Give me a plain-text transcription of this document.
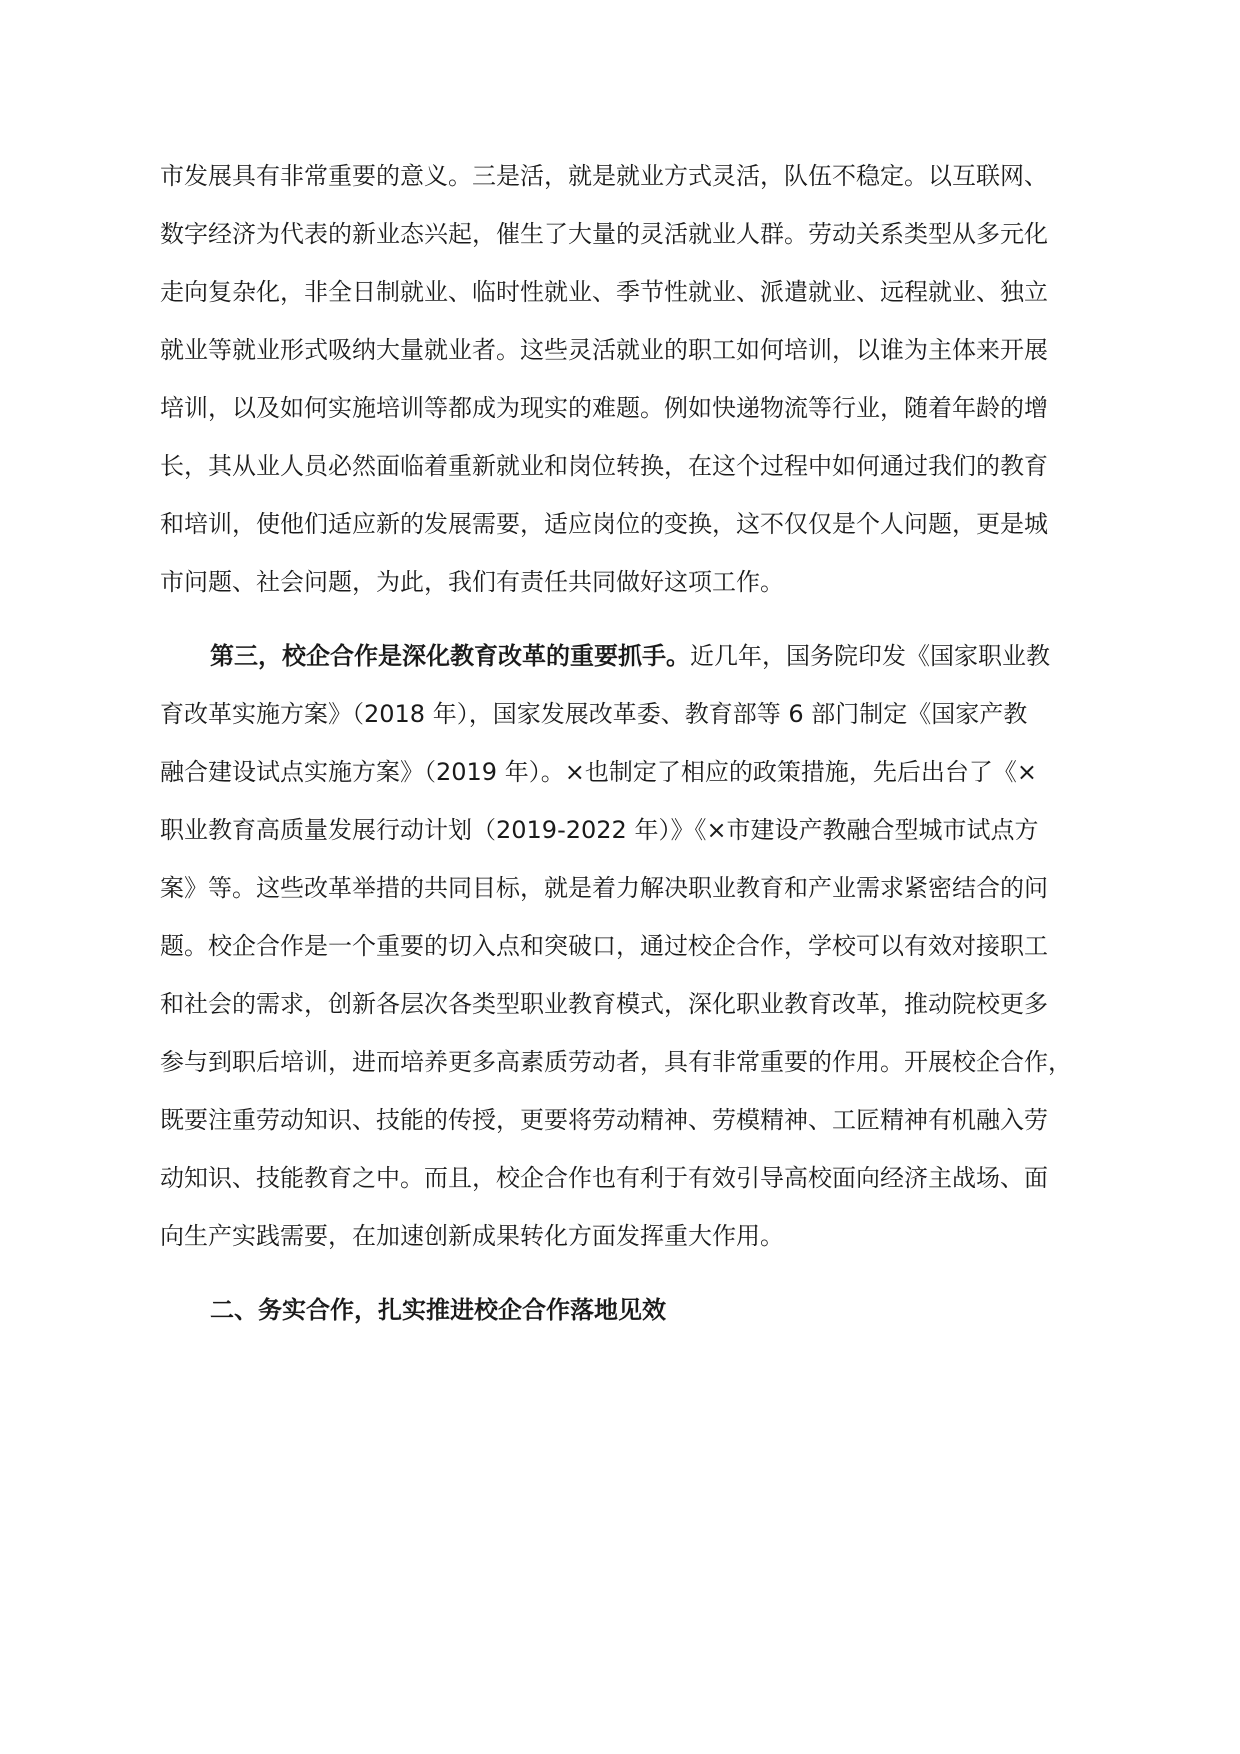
市发展具有非常重要的意义。三是活，就是就业方式灵活，队伍不稳定。以互联网、
数字经济为代表的新业态兴起，催生了大量的灵活就业人群。劳动关系类型从多元化
走向复杂化，非全日制就业、临时性就业、季节性就业、派遣就业、远程就业、独立
就业等就业形式吸纳大量就业者。这些灵活就业的职工如何培训，以谁为主体来开展
培训，以及如何实施培训等都成为现实的难题。例如快递物流等行业，随着年龄的增
长，其从业人员必然面临着重新就业和岗位转换，在这个过程中如何通过我们的教育
和培训，使他们适应新的发展需要，适应岗位的变换，这不仅仅是个人问题，更是城
市问题、社会问题，为此，我们有责任共同做好这项工作。
第三，校企合作是深化教育改革的重要抓手。近几年，国务院印发《国家职业教
育改革实施方案》（2018 年），国家发展改革委、教育部等 6 部门制定《国家产教
融合建设试点实施方案》（2019 年）。×也制定了相应的政策措施，先后出台了《×
职业教育高质量发展行动计划（2019-2022 年）》《×市建设产教融合型城市试点方
案》等。这些改革举措的共同目标，就是着力解决职业教育和产业需求紧密结合的问
题。校企合作是一个重要的切入点和突破口，通过校企合作，学校可以有效对接职工
和社会的需求，创新各层次各类型职业教育模式，深化职业教育改革，推动院校更多
参与到职后培训，进而培养更多高素质劳动者，具有非常重要的作用。开展校企合作，
既要注重劳动知识、技能的传授，更要将劳动精神、劳模精神、工匠精神有机融入劳
动知识、技能教育之中。而且，校企合作也有利于有效引导高校面向经济主战场、面
向生产实践需要，在加速创新成果转化方面发挥重大作用。
二、务实合作，扎实推进校企合作落地见效
